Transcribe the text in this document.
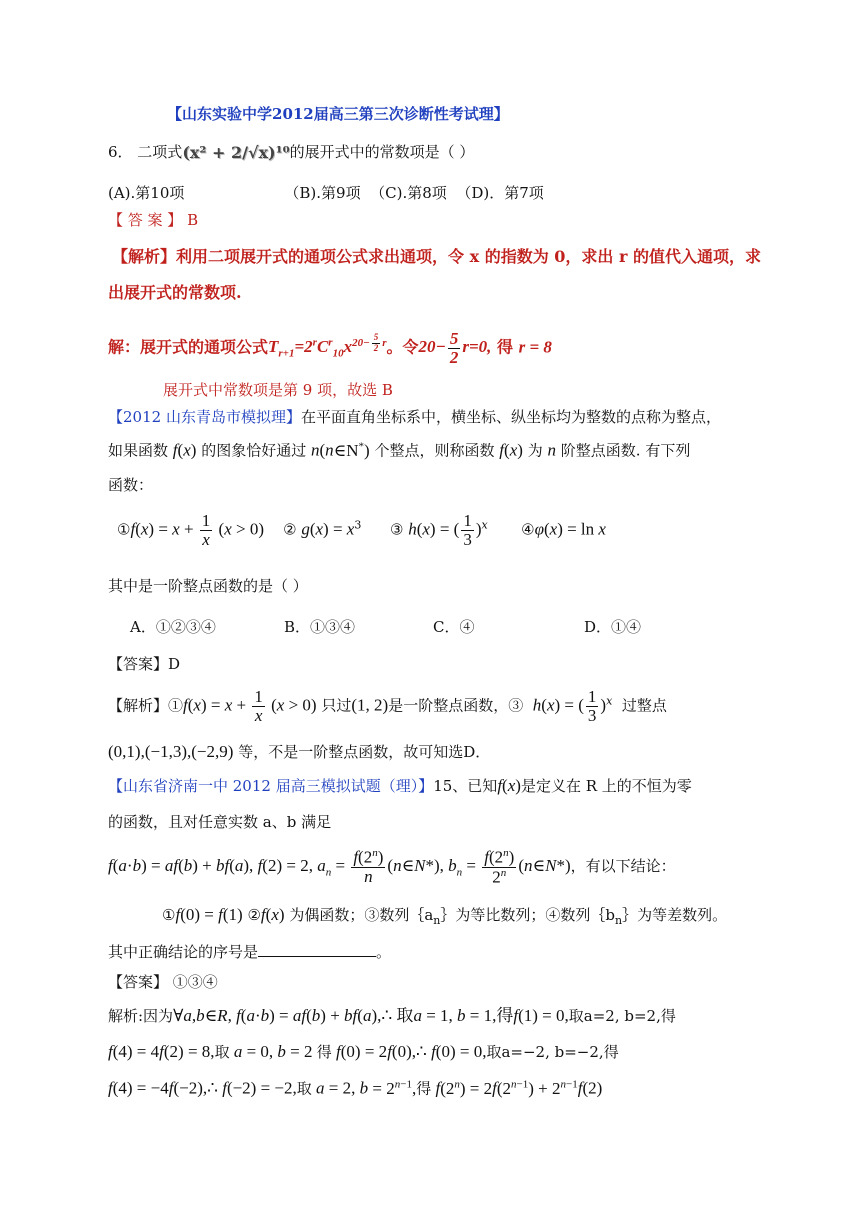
【山东实验中学2012届高三第三次诊断性考试理】
6． 二项式(x² + 2/√x)¹⁰的展开式中的常数项是（ ）
(A).第10项	（B).第9项 （C).第8项 （D)．第7项
【 答 案 】 B
【解析】利用二项展开式的通项公式求出通项，令 x 的指数为 0，求出 r 的值代入通项，求
出展开式的常数项.
解：展开式的通项公式$T_{r+1}=2^rC^r_{10}x^{20- \frac{5}{2} r}$。令$20- \frac{5}{2} r=0$, 得 r = 8
展开式中常数项是第 9 项，故选 B
【2012 山东青岛市模拟理】在平面直角坐标系中，横坐标、纵坐标均为整数的点称为整点，
如果函数 f(x) 的图象恰好通过 n(n∈N*) 个整点，则称函数 f(x) 为 n 阶整点函数. 有下列
函数：
①f(x) = $x + \frac{1}{x} (x > 0)$ ② $g(x) = x^3$ ③ h(x) = ( $\frac{1}{3} )^x$ ④φ(x) = ln x
其中是一阶整点函数的是（ ）
A．①②③④	B．①③④	C．④	D．①④
【答案】D
【解析】①f(x) = $x + \frac{1}{x} (x > 0)$ 只过(1, 2)是一阶整点函数，③ h(x) = ( $\frac{1}{3} )^x$ 过整点
(0,1),(−1,3),(−2,9) 等，不是一阶整点函数，故可知选D．
【山东省济南一中 2012 届高三模拟试题（理）】15、已知f(x)是定义在 R 上的不恒为零
的函数，且对任意实数 a、b 满足
f(a·b) = af(b) + bf(a), f(2) = 2, $a_n = \frac{f(2^n)}{n}$ (n∈N*), $b_n = \frac{f(2^n)}{2^n}$ (n∈N*)，有以下结论：
①f(0) = f(1) ②f(x) 为偶函数；③数列$\{a_n\}$为等比数列；④数列$\{b_n\}$为等差数列。
其中正确结论的序号是	。
【答案】 ①③④
解析:因为∀a,b∈R, f(a·b) = af(b) + bf(a),∴ 取a = 1, b = 1,得f(1) = 0,取a=2, b=2,得
f(4) = 4f(2) = 8,取 a = 0, b = 2 得 f(0) = 2f(0),∴ f(0) = 0,取a=−2, b=−2,得
f(4) = −4f(−2),∴ f(−2) = −2,取 a = 2, $b = 2^{n-1}$,得 $f(2^n) = 2f(2^{n-1}) + 2^{n-1}f(2)$
